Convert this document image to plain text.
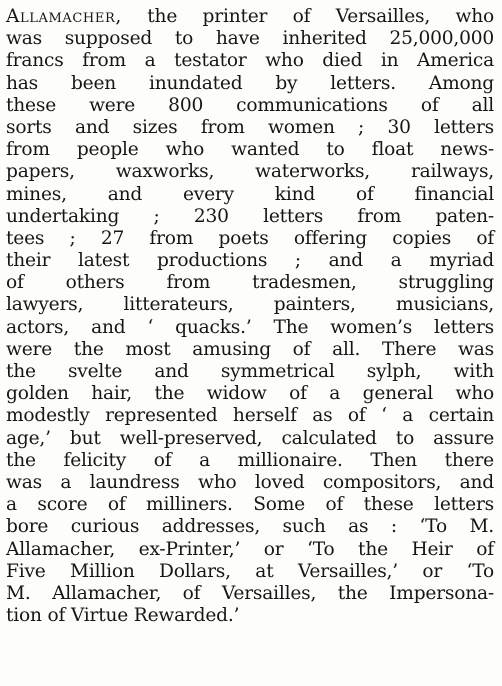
Allamacher, the printer of Versailles, who
was supposed to have inherited 25,000,000
francs from a testator who died in America
has been inundated by letters. Among
these were 800 communications of all
sorts and sizes from women ; 30 letters
from people who wanted to float news-
papers, waxworks, waterworks, railways,
mines, and every kind of financial
undertaking ; 230 letters from paten-
tees ; 27 from poets offering copies of
their latest productions ; and a myriad
of others from tradesmen, struggling
lawyers, litterateurs, painters, musicians,
actors, and ‘ quacks.’ The women’s letters
were the most amusing of all. There was
the svelte and symmetrical sylph, with
golden hair, the widow of a general who
modestly represented herself as of ‘ a certain
age,’ but well-preserved, calculated to assure
the felicity of a millionaire. Then there
was a laundress who loved compositors, and
a score of milliners. Some of these letters
bore curious addresses, such as : ‘To M.
Allamacher, ex-Printer,’ or ‘To the Heir of
Five Million Dollars, at Versailles,’ or ‘To
M. Allamacher, of Versailles, the Impersona-
tion of Virtue Rewarded.’
